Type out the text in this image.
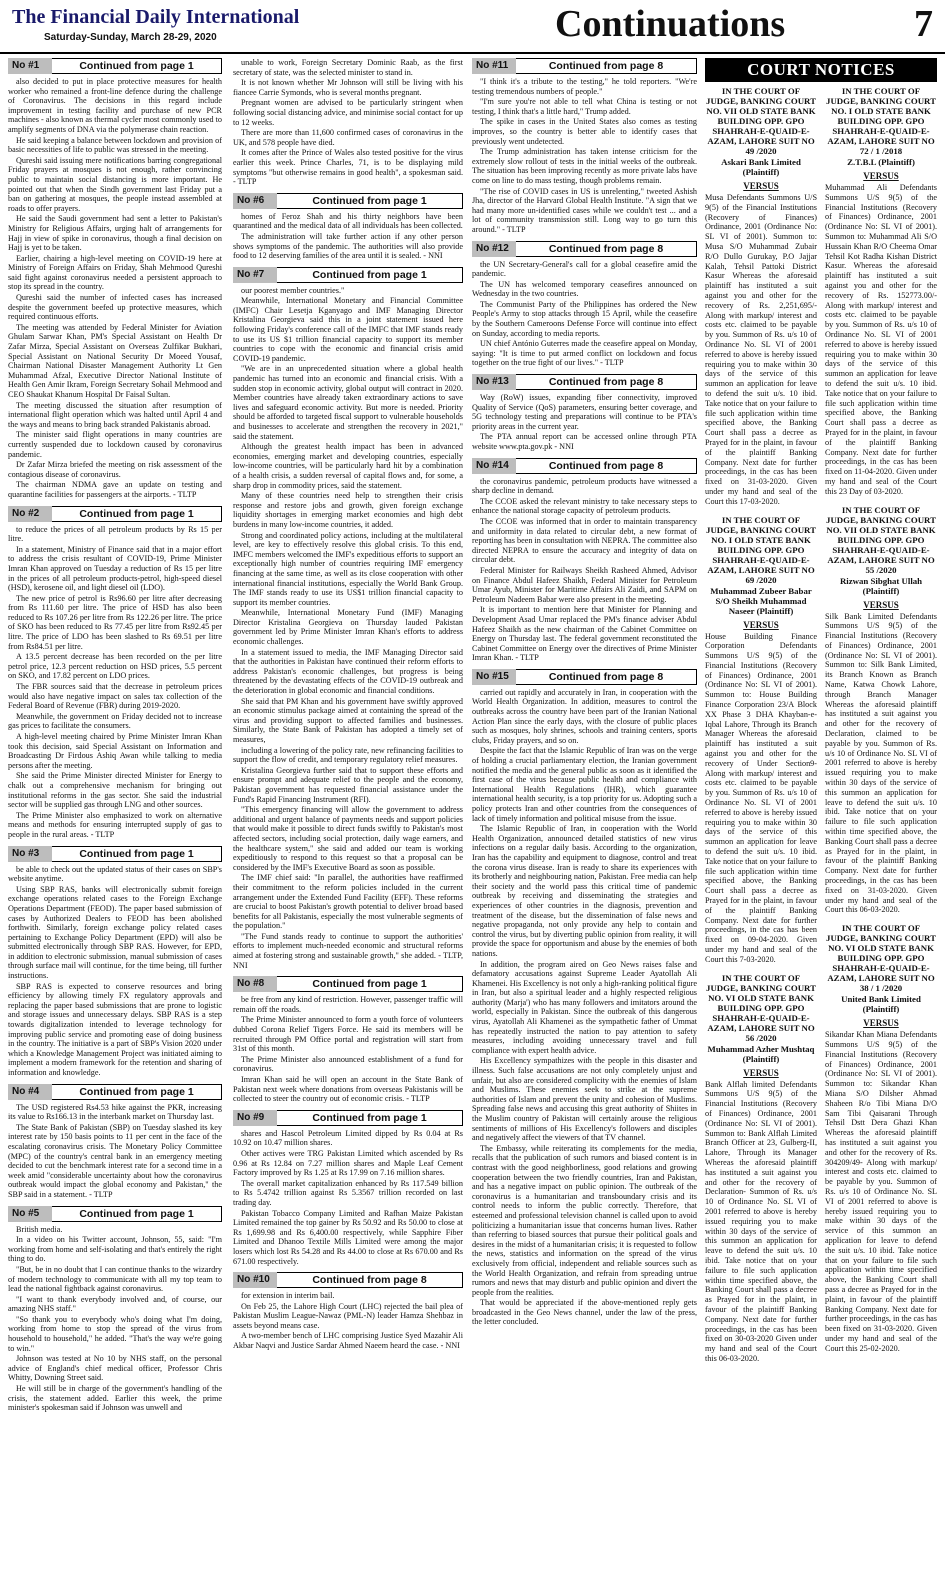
The Financial Daily International
Saturday-Sunday, March 28-29, 2020	Continuations	7
No #1	Continued from page 1

also decided to put in place protective measures for health worker who remained a front-line defence during the challenge of Coronavirus. The decisions in this regard include improvement in testing facility and purchase of new PCR machines - also known as thermal cycler most commonly used to amplify segments of DNA via the polymerase chain reaction.

He said keeping a balance between lockdown and provision of basic necessities of life to public was stressed in the meeting.

Qureshi said issuing mere notifications barring congregational Friday prayers at mosques is not enough, rather convincing public to maintain social distancing is more important. He pointed out that when the Sindh government last Friday put a ban on gathering at mosques, the people instead assembled at roads to offer prayers.

He said the Saudi government had sent a letter to Pakistan's Ministry for Religious Affairs, urging halt of arrangements for Hajj in view of spike in coronavirus, though a final decision on Hajj is yet to be taken.

Earlier, chairing a high-level meeting on COVID-19 here at Ministry of Foreign Affairs on Friday, Shah Mehmood Qureshi said fight against coronavirus needed a persistent approach to stop its spread in the country.

Qureshi said the number of infected cases has increased despite the government beefed up protective measures, which required continuous efforts.

The meeting was attended by Federal Minister for Aviation Ghulam Sarwar Khan, PM's Special Assistant on Health Dr Zafar Mirza, Special Assistant on Overseas Zulfikar Bukhari, Special Assistant on National Security Dr Moeed Yousaf, Chairman National Disaster Management Authority Lt Gen Muhammad Afzal, Executive Director National Institute of Health Gen Amir Ikram, Foreign Secretary Sohail Mehmood and CEO Shaukat Khanum Hospital Dr Faisal Sultan.

The meeting discussed the situation after resumption of international flight operation which was halted until April 4 and the ways and means to bring back stranded Pakistanis abroad.

The minister said flight operations in many countries are currently suspended due to lockdown caused by coronavirus pandemic.

Dr Zafar Mirza briefed the meeting on risk assessment of the contagious disease of coronavirus.

The chairman NDMA gave an update on testing and quarantine facilities for passengers at the airports. - TLTP

No #2	Continued from page 1

to reduce the prices of all petroleum products by Rs 15 per litre.

In a statement, Ministry of Finance said that in a major effort to address the crisis resultant of COVID-19, Prime Minister Imran Khan approved on Tuesday a reduction of Rs 15 per litre in the prices of all petroleum products-petrol, high-speed diesel (HSD), kerosene oil, and light diesel oil (LDO).

The new price of petrol is Rs96.60 per litre after decreasing from Rs 111.60 per litre. The price of HSD has also been reduced to Rs 107.26 per litre from Rs 122.26 per litre. The price of SKO has been reduced to Rs 77.45 per litre from Rs92.45 per litre. The price of LDO has been slashed to Rs 69.51 per litre from Rs84.51 per litre.

A 13.5 percent decrease has been recorded on the per litre petrol price, 12.3 percent reduction on HSD prices, 5.5 percent on SKO, and 17.82 percent on LDO prices.

The FBR sources said that the decrease in petroleum prices would also have negative impact on sales tax collection of the Federal Board of Revenue (FBR) during 2019-2020.

Meanwhile, the government on Friday decided not to increase gas prices to facilitate the consumers.

A high-level meeting chaired by Prime Minister Imran Khan took this decision, said Special Assistant on Information and Broadcasting Dr Firdous Ashiq Awan while talking to media persons after the meeting.

She said the Prime Minister directed Minister for Energy to chalk out a comprehensive mechanism for bringing out institutional reforms in the gas sector. She said the industrial sector will be supplied gas through LNG and other sources.

The Prime Minister also emphasized to work on alternative means and methods for ensuring interrupted supply of gas to people in the rural areas. - TLTP

No #3	Continued from page 1

be able to check out the updated status of their cases on SBP's website anytime.

Using SBP RAS, banks will electronically submit foreign exchange operations related cases to the Foreign Exchange Operations Department (FEOD). The paper based submission of cases by Authorized Dealers to FEOD has been abolished forthwith. Similarly, foreign exchange policy related cases pertaining to Exchange Policy Department (EPD) will also be submitted electronically through SBP RAS. However, for EPD, in addition to electronic submission, manual submission of cases through surface mail will continue, for the time being, till further instructions.

SBP RAS is expected to conserve resources and bring efficiency by allowing timely FX regulatory approvals and replacing the paper based submissions that are prone to logistic and storage issues and unnecessary delays. SBP RAS is a step towards digitalization intended to leverage technology for improving public service and promoting ease of doing business in the country. The initiative is a part of SBP's Vision 2020 under which a Knowledge Management Project was initiated aiming to implement a modern framework for the retention and sharing of information and knowledge.

No #4	Continued from page 1

The USD registered Rs4.53 hike against the PKR, increasing its value to Rs166.13 in the interbank market on Thursday last.

The State Bank of Pakistan (SBP) on Tuesday slashed its key interest rate by 150 basis points to 11 per cent in the face of the escalating coronavirus crisis. The Monetary Policy Committee (MPC) of the country's central bank in an emergency meeting decided to cut the benchmark interest rate for a second time in a week amid "considerable uncertainty about how the coronavirus outbreak would impact the global economy and Pakistan," the SBP said in a statement. - TLTP

No #5	Continued from page 1

British media.

In a video on his Twitter account, Johnson, 55, said: "I'm working from home and self-isolating and that's entirely the right thing to do.

"But, be in no doubt that I can continue thanks to the wizardry of modern technology to communicate with all my top team to lead the national fightback against coronavirus.

"I want to thank everybody involved and, of course, our amazing NHS staff."

"So thank you to everybody who's doing what I'm doing, working from home to stop the spread of the virus from household to household," he added. "That's the way we're going to win."

Johnson was tested at No 10 by NHS staff, on the personal advice of England's chief medical officer, Professor Chris Whitty, Downing Street said.

He will still be in charge of the government's handling of the crisis, the statement added. Earlier this week, the prime minister's spokesman said if Johnson was unwell and

unable to work, Foreign Secretary Dominic Raab, as the first secretary of state, was the selected minister to stand in.

It is not known whether Mr Johnson will still be living with his fiancee Carrie Symonds, who is several months pregnant.

Pregnant women are advised to be particularly stringent when following social distancing advice, and minimise social contact for up to 12 weeks.

There are more than 11,600 confirmed cases of coronavirus in the UK, and 578 people have died.

It comes after the Prince of Wales also tested positive for the virus earlier this week. Prince Charles, 71, is to be displaying mild symptoms "but otherwise remains in good health", a spokesman said. - TLTP

No #6	Continued from page 1

homes of Feroz Shah and his thirty neighbors have been quarantined and the medical data of all individuals has been collected.

The administration will take further action if any other person shows symptoms of the pandemic. The authorities will also provide food to 12 deserving families of the area until it is sealed. - NNI

No #7	Continued from page 1

our poorest member countries."

Meanwhile, International Monetary and Financial Committee (IMFC) Chair Lesetja Kganyago and IMF Managing Director Kristalina Georgieva said this in a joint statement issued here following Friday's conference call of the IMFC that IMF stands ready to use its US $1 trillion financial capacity to support its member countries to cope with the economic and financial crisis amid COVID-19 pandemic.

"We are in an unprecedented situation where a global health pandemic has turned into an economic and financial crisis. With a sudden stop in economic activity, global output will contract in 2020. Member countries have already taken extraordinary actions to save lives and safeguard economic activity. But more is needed. Priority should be afforded to targeted fiscal support to vulnerable households and businesses to accelerate and strengthen the recovery in 2021," said the statement.

Although the greatest health impact has been in advanced economies, emerging market and developing countries, especially low-income countries, will be particularly hard hit by a combination of a health crisis, a sudden reversal of capital flows and, for some, a sharp drop in commodity prices, said the statement.

Many of these countries need help to strengthen their crisis response and restore jobs and growth, given foreign exchange liquidity shortages in emerging market economies and high debt burdens in many low-income countries, it added.

Strong and coordinated policy actions, including at the multilateral level, are key to effectively resolve this global crisis. To this end, IMFC members welcomed the IMF's expeditious efforts to support an exceptionally high number of countries requiring IMF emergency financing at the same time, as well as its close cooperation with other international financial institutions, especially the World Bank Group. The IMF stands ready to use its US$1 trillion financial capacity to support its member countries.

Meanwhile, International Monetary Fund (IMF) Managing Director Kristalina Georgieva on Thursday lauded Pakistan government led by Prime Minister Imran Khan's efforts to address economic challenges.

In a statement issued to media, the IMF Managing Director said that the authorities in Pakistan have continued their reform efforts to address Pakistan's economic challenges, but progress is being threatened by the devastating effects of the COVID-19 outbreak and the deterioration in global economic and financial conditions.

She said that PM Khan and his government have swiftly approved an economic stimulus package aimed at containing the spread of the virus and providing support to affected families and businesses. Similarly, the State Bank of Pakistan has adopted a timely set of measures,

including a lowering of the policy rate, new refinancing facilities to support the flow of credit, and temporary regulatory relief measures.

Kristalina Georgieva further said that to support these efforts and ensure prompt and adequate relief to the people and the economy, Pakistan government has requested financial assistance under the Fund's Rapid Financing Instrument (RFI).

"This emergency financing will allow the government to address additional and urgent balance of payments needs and support policies that would make it possible to direct funds swiftly to Pakistan's most affected sectors, including social protection, daily wage earners, and the healthcare system," she said and added our team is working expeditiously to respond to this request so that a proposal can be considered by the IMF's Executive Board as soon as possible.

The IMF chief said: "In parallel, the authorities have reaffirmed their commitment to the reform policies included in the current arrangement under the Extended Fund Facility (EFF). These reforms are crucial to boost Pakistan's growth potential to deliver broad based benefits for all Pakistanis, especially the most vulnerable segments of the population."

"The Fund stands ready to continue to support the authorities' efforts to implement much-needed economic and structural reforms aimed at fostering strong and sustainable growth," she added. - TLTP, NNI

No #8	Continued from page 1

be free from any kind of restriction. However, passenger traffic will remain off the roads.

The Prime Minister announced to form a youth force of volunteers dubbed Corona Relief Tigers Force. He said its members will be recruited through PM Office portal and registration will start from 31st of this month.

The Prime Minister also announced establishment of a fund for coronavirus.

Imran Khan said he will open an account in the State Bank of Pakistan next week where donations from overseas Pakistanis will be collected to steer the country out of economic crisis. - TLTP

No #9	Continued from page 1

shares and Hascol Petroleum Limited dipped by Rs 0.04 at Rs 10.92 on 10.47 million shares.

Other actives were TRG Pakistan Limited which ascended by Rs 0.96 at Rs 12.84 on 7.27 million shares and Maple Leaf Cement Factory improved by Rs 1.25 at Rs 17.99 on 7.16 million shares.

The overall market capitalization enhanced by Rs 117.549 billion to Rs 5.4742 trillion against Rs 5.3567 trillion recorded on last trading day.

Pakistan Tobacco Company Limited and Rafhan Maize Pakistan Limited remained the top gainer by Rs 50.92 and Rs 50.00 to close at Rs 1,699.98 and Rs 6,400.00 respectively, while Sapphire Fiber Limited and Dhanoo Textile Mills Limited were among the major losers which lost Rs 54.28 and Rs 44.00 to close at Rs 670.00 and Rs 671.00 respectively.

No #10	Continued from page 8

for extension in interim bail.

On Feb 25, the Lahore High Court (LHC) rejected the bail plea of Pakistan Muslim League-Nawaz (PML-N) leader Hamza Shehbaz in assets beyond means case.

A two-member bench of LHC comprising Justice Syed Mazahir Ali Akbar Naqvi and Justice Sardar Ahmed Naeem heard the case. - NNI

No #11	Continued from page 8

"I think it's a tribute to the testing," he told reporters. "We're testing tremendous numbers of people."

"I'm sure you're not able to tell what China is testing or not testing, I think that's a little hard," Trump added.

The spike in cases in the United States also comes as testing improves, so the country is better able to identify cases that previously went undetected.

The Trump administration has taken intense criticism for the extremely slow rollout of tests in the initial weeks of the outbreak. The situation has been improving recently as more private labs have come on line to do mass testing, though problems remain.

"The rise of COVID cases in US is unrelenting," tweeted Ashish Jha, director of the Harvard Global Health Institute. "A sign that we had many more un-identified cases while we couldn't test ... and a lot of community transmission still. Long way to go turn this around." - TLTP

No #12	Continued from page 8

the UN Secretary-General's call for a global ceasefire amid the pandemic.

The UN has welcomed temporary ceasefires announced on Wednesday in the two countries.

The Communist Party of the Philippines has ordered the New People's Army to stop attacks through 15 April, while the ceasefire by the Southern Cameroons Defense Force will continue into effect on Sunday, according to media reports.

UN chief António Guterres made the ceasefire appeal on Monday, saying: "It is time to put armed conflict on lockdown and focus together on the true fight of our lives." - TLTP

No #13	Continued from page 8

Way (RoW) issues, expanding fiber connectivity, improved Quality of Service (QoS) parameters, ensuring better coverage, and 5G technology testing and preparations will continue to be PTA's priority areas in the current year.

The PTA annual report can be accessed online through PTA website www.pta.gov.pk - NNI

No #14	Continued from page 8

the coronavirus pandemic, petroleum products have witnessed a sharp decline in demand.

The CCOE asked the relevant ministry to take necessary steps to enhance the national storage capacity of petroleum products.

The CCOE was informed that in order to maintain transparency and uniformity in data related to circular debt, a new format of reporting has been in consultation with NEPRA. The committee also directed NEPRA to ensure the accuracy and integrity of data on circular debt.

Federal Minister for Railways Sheikh Rasheed Ahmed, Advisor on Finance Abdul Hafeez Shaikh, Federal Minister for Petroleum Umar Ayub, Minister for Maritime Affairs Ali Zaidi, and SAPM on Petroleum Nadeem Babar were also present in the meeting.

It is important to mention here that Minister for Planning and Development Asad Umar replaced the PM's finance adviser Abdul Hafeez Shaikh as the new chairman of the Cabinet Committee on Energy on Thursday last. The federal government reconstituted the Cabinet Committee on Energy over the directives of Prime Minister Imran Khan. - TLTP

No #15	Continued from page 8

carried out rapidly and accurately in Iran, in cooperation with the World Health Organization. In addition, measures to control the outbreaks across the country have been part of the Iranian National Action Plan since the early days, with the closure of public places such as mosques, holy shrines, schools and training centers, sports clubs, Friday prayers, and so on.

Despite the fact that the Islamic Republic of Iran was on the verge of holding a crucial parliamentary election, the Iranian government notified the media and the general public as soon as it identified the first case of the virus because public health and compliance with International Health Regulations (IHR), which guarantee international health security, is a top priority for us. Adopting such a policy protects Iran and other countries from the consequences of lack of timely information and political misuse from the issue.

The Islamic Republic of Iran, in cooperation with the World Health Organization, announced detailed statistics of new virus infections on a regular daily basis. According to the organization, Iran has the capability and equipment to diagnose, control and treat the corona virus disease. Iran is ready to share its experiences with its brotherly and neighbouring nation, Pakistan. Free media can help their society and the world pass this critical time of pandemic outbreak by receiving and disseminating the strategies and experiences of other countries in the diagnosis, prevention and treatment of the disease, but the dissemination of false news and negative propaganda, not only provide any help to contain and control the virus, but by diverting public opinion from reality, it will provide the space for opportunism and abuse by the enemies of both nations.

In addition, the program aired on Geo News raises false and defamatory accusations against Supreme Leader Ayatollah Ali Khamenei. His Excellency is not only a high-ranking political figure in Iran, but also a spiritual leader and a highly respected religious authority (Marja') who has many followers and imitators around the world, especially in Pakistan. Since the outbreak of this dangerous virus, Ayatollah Ali Khamenei as the sympathetic father of Ummat has repeatedly instructed the nation to pay attention to safety measures, including avoiding unnecessary travel and full compliance with expert health advice.

His Excellency sympathizes with the people in this disaster and illness. Such false accusations are not only completely unjust and unfair, but also are considered complicity with the enemies of Islam and Muslims. These enemies seek to strike at the supreme authorities of Islam and prevent the unity and cohesion of Muslims. Spreading false news and accusing this great authority of Shiites in the Muslim country of Pakistan will certainly arouse the religious sentiments of millions of His Excellency's followers and disciples and negatively affect the viewers of that TV channel.

The Embassy, while reiterating its complements for the media, recalls that the publication of such rumors and biased content is in contrast with the good neighborliness, good relations and growing cooperation between the two friendly countries, Iran and Pakistan, and has a negative impact on public opinion. The outbreak of the coronavirus is a humanitarian and transboundary crisis and its control needs to inform the public correctly. Therefore, that esteemed and professional television channel is called upon to avoid politicizing a humanitarian issue that concerns human lives. Rather than referring to biased sources that pursue their political goals and desires in the midst of a humanitarian crisis; it is requested to follow the news, statistics and information on the spread of the virus exclusively from official, independent and reliable sources such as the World Health Organization, and refrain from spreading untrue rumors and news that may disturb and public opinion and divert the people from the realities.

That would be appreciated if the above-mentioned reply gets broadcasted in the Geo News channel, under the law of the press, the letter concluded.

COURT NOTICES
IN THE COURT OF JUDGE, BANKING COURT NO. VII OLD STATE BANK BUILDING OPP. GPO SHAHRAH-E-QUAID-E-AZAM, LAHORE SUIT NO 49 /2020
Askari Bank Limited (Plaintiff)
VERSUS

Musa Defendants Summons U/S 9(5) of the Financial Institutions (Recovery of Finances) Ordinance, 2001 (Ordinance No: SL VI of 2001). Summon to: Musa S/O Muhammad Zubair R/O Dullo Gurukay, P.O Jajjar Kalah, Tehsil Pattoki District Kasur Whereas the aforesaid plaintiff has instituted a suit against you and other for the recovery of Rs. 2,251,695/- Along with markup/ interest and costs etc. claimed to be payable by you. Summon of Rs. u/s 10 of Ordinance No. SL VI of 2001 referred to above is hereby issued requiring you to make within 30 days of the service of this summon an application for leave to defend the suit u/s. 10 ibid. Take notice that on your failure to file such application within time specified above, the Banking Court shall pass a decree as Prayed for in the plaint, in favour of the plaintiff Banking Company. Next date for further proceedings, in the cas has been fixed on 31-03-2020. Given under my hand and seal of the Court this 17-03-2020.

IN THE COURT OF JUDGE, BANKING COURT NO. I OLD STATE BANK BUILDING OPP. GPO SHAHRAH-E-QUAID-E-AZAM, LAHORE SUIT NO 69 /2020
Muhammad Zubeer Babar S/O Sheikh Muhammad Naseer (Plaintiff)
VERSUS

House Building Finance Corporation Defendants Summons U/S 9(5) of the Financial Institutions (Recovery of Finances) Ordinance, 2001 (Ordinance No: SL VI of 2001). Summon to: House Building Finance Corporation 23/A Block XX Phase 3 DHA Khayban-e- Iqbal Lahore, Through its Branch Manager Whereas the aforesaid plaintiff has instituted a suit against you and other for the recovery of Under Section9- Along with markup/ interest and costs etc. claimed to be payable by you. Summon of Rs. u/s 10 of Ordinance No. SL VI of 2001 referred to above is hereby issued requiring you to make within 30 days of the service of this summon an application for leave to defend the suit u/s. 10 ibid. Take notice that on your failure to file such application within time specified above, the Banking Court shall pass a decree as Prayed for in the plaint, in favour of the plaintiff Banking Company. Next date for further proceedings, in the cas has been fixed on 09-04-2020. Given under my hand and seal of the Court this 7-03-2020.

IN THE COURT OF JUDGE, BANKING COURT NO. VI OLD STATE BANK BUILDING OPP. GPO SHAHRAH-E-QUAID-E-AZAM, LAHORE SUIT NO 56 /2020
Muhammad Azher Mushtaq (Plaintiff)
VERSUS

Bank Alflah limited Defendants Summons U/S 9(5) of the Financial Institutions (Recovery of Finances) Ordinance, 2001 (Ordinance No: SL VI of 2001). Summon to: Bank Alflah Limited Branch Officer at 23, Gulberg-II, Lahore, Through its Manager Whereas the aforesaid plaintiff has instituted a suit against you and other for the recovery of Declaration- Summon of Rs. u/s 10 of Ordinance No. SL VI of 2001 referred to above is hereby issued requiring you to make within 30 days of the service of this summon an application for leave to defend the suit u/s. 10 ibid. Take notice that on your failure to file such application within time specified above, the Banking Court shall pass a decree as Prayed for in the plaint, in favour of the plaintiff Banking Company. Next date for further proceedings, in the cas has been fixed on 30-03-2020 Given under my hand and seal of the Court this 06-03-2020.

IN THE COURT OF JUDGE, BANKING COURT NO. I OLD STATE BANK BUILDING OPP. GPO SHAHRAH-E-QUAID-E-AZAM, LAHORE SUIT NO 72 / 1 /2018
Z.T.B.L (Plaintiff)
VERSUS

Muhammad Ali Defendants Summons U/S 9(5) of the Financial Institutions (Recovery of Finances) Ordinance, 2001 (Ordinance No: SL VI of 2001). Summon to: Muhammad Ali S/O Hussain Khan R/O Cheema Omar Tehsil Kot Radha Kishan District Kasur. Whereas the aforesaid plaintiff has instituted a suit against you and other for the recovery of Rs. 152773.00/- Along with markup/ interest and costs etc. claimed to be payable by you. Summon of Rs. u/s 10 of Ordinance No. SL VI of 2001 referred to above is hereby issued requiring you to make within 30 days of the service of this summon an application for leave to defend the suit u/s. 10 ibid. Take notice that on your failure to file such application within time specified above, the Banking Court shall pass a decree as Prayed for in the plaint, in favour of the plaintiff Banking Company. Next date for further proceedings, in the cas has been fixed on 11-04-2020. Given under my hand and seal of the Court this 23 Day of 03-2020.

IN THE COURT OF JUDGE, BANKING COURT NO. VII OLD STATE BANK BUILDING OPP. GPO SHAHRAH-E-QUAID-E-AZAM, LAHORE SUIT NO 55 /2020
Rizwan Sibghat Ullah (Plaintiff)
VERSUS

Silk Bank Limited Defendants Summons U/S 9(5) of the Financial Institutions (Recovery of Finances) Ordinance, 2001 (Ordinance No: SL VI of 2001). Summon to: Silk Bank Limited, its Branch Known as Branch Name, Katwa Chowk Lahore, through Branch Manager Whereas the aforesaid plaintiff has instituted a suit against you and other for the recovery of Declaration, claimed to be payable by you. Summon of Rs. u/s 10 of Ordinance No. SL VI of 2001 referred to above is hereby issued requiring you to make within 30 days of the service of this summon an application for leave to defend the suit u/s. 10 ibid. Take notice that on your failure to file such application within time specified above, the Banking Court shall pass a decree as Prayed for in the plaint, in favour of the plaintiff Banking Company. Next date for further proceedings, in the cas has been fixed on 31-03-2020. Given under my hand and seal of the Court this 06-03-2020.

IN THE COURT OF JUDGE, BANKING COURT NO. VI OLD STATE BANK BUILDING OPP. GPO SHAHRAH-E-QUAID-E-AZAM, LAHORE SUIT NO 38 / 1 /2020
United Bank Limited (Plaintiff)
VERSUS

Sikandar Khan Miana Defendants Summons U/S 9(5) of the Financial Institutions (Recovery of Finances) Ordinance, 2001 (Ordinance No: SL VI of 2001). Summon to: Sikandar Khan Miana S/O Dilsher Ahmad Shaheen R/o Tibi Miana D/O Sam Tibi Qaisarani Through Tehsil Dstt Dera Ghazi Khan Whereas the aforesaid plaintiff has instituted a suit against you and other for the recovery of Rs. 304209/49- Along with markup/ interest and costs etc. claimed to be payable by you. Summon of Rs. u/s 10 of Ordinance No. SL VI of 2001 referred to above is hereby issued requiring you to make within 30 days of the service of this summon an application for leave to defend the suit u/s. 10 ibid. Take notice that on your failure to file such application within time specified above, the Banking Court shall pass a decree as Prayed for in the plaint, in favour of the plaintiff Banking Company. Next date for further proceedings, in the cas has been fixed on 31-03-2020. Given under my hand and seal of the Court this 25-02-2020.
